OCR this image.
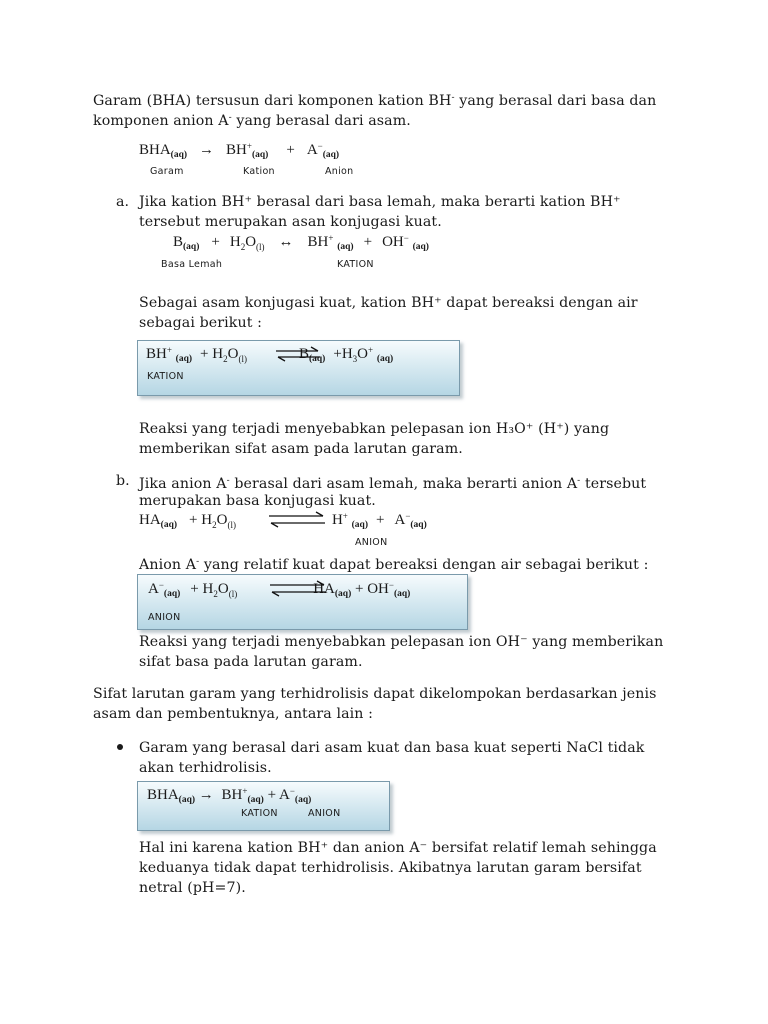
Garam (BHA) tersusun dari komponen kation BH- yang berasal dari basa dan
komponen anion A- yang berasal dari asam.
$BHA_{(aq)} \to BH^+_{(aq)} + A^-_{(aq)}$
Garam	Kation	Anion
a. Jika kation BH⁺ berasal dari basa lemah, maka berarti kation BH⁺
tersebut merupakan asan konjugasi kuat.
$B_{(aq)} + H_2O_{(l)}$ ↔ BH+ $_{(aq)}$ + OH− $_{(aq)}$
Basa Lemah	KATION
Sebagai asam konjugasi kuat, kation BH⁺ dapat bereaksi dengan air
sebagai berikut :
BH+ $_{(aq)} + H_2O_{(l)}$	$B_{(aq)} +H_3O^+$ $_{(aq)}$
KATION
Reaksi yang terjadi menyebabkan pelepasan ion H₃O⁺ (H⁺) yang
memberikan sifat asam pada larutan garam.
b. Jika anion A- berasal dari asam lemah, maka berarti anion A- tersebut
merupakan basa konjugasi kuat.
$HA_{(aq)} + H_2O_{(l)}$	H+ $_{(aq)} + A^-_{(aq)}$
ANION
Anion A- yang relatif kuat dapat bereaksi dengan air sebagai berikut :
$A^-_{(aq)} + H_2O_{(l)}$	$HA_{(aq)} + OH^-_{(aq)}$
ANION
Reaksi yang terjadi menyebabkan pelepasan ion OH⁻ yang memberikan
sifat basa pada larutan garam.
Sifat larutan garam yang terhidrolisis dapat dikelompokan berdasarkan jenis
asam dan pembentuknya, antara lain :
Garam yang berasal dari asam kuat dan basa kuat seperti NaCl tidak
akan terhidrolisis.
$BHA_{(aq)} \to BH^+_{(aq)} + A^-_{(aq)}$
KATION	ANION
Hal ini karena kation BH⁺ dan anion A⁻ bersifat relatif lemah sehingga
keduanya tidak dapat terhidrolisis. Akibatnya larutan garam bersifat
netral (pH=7).
